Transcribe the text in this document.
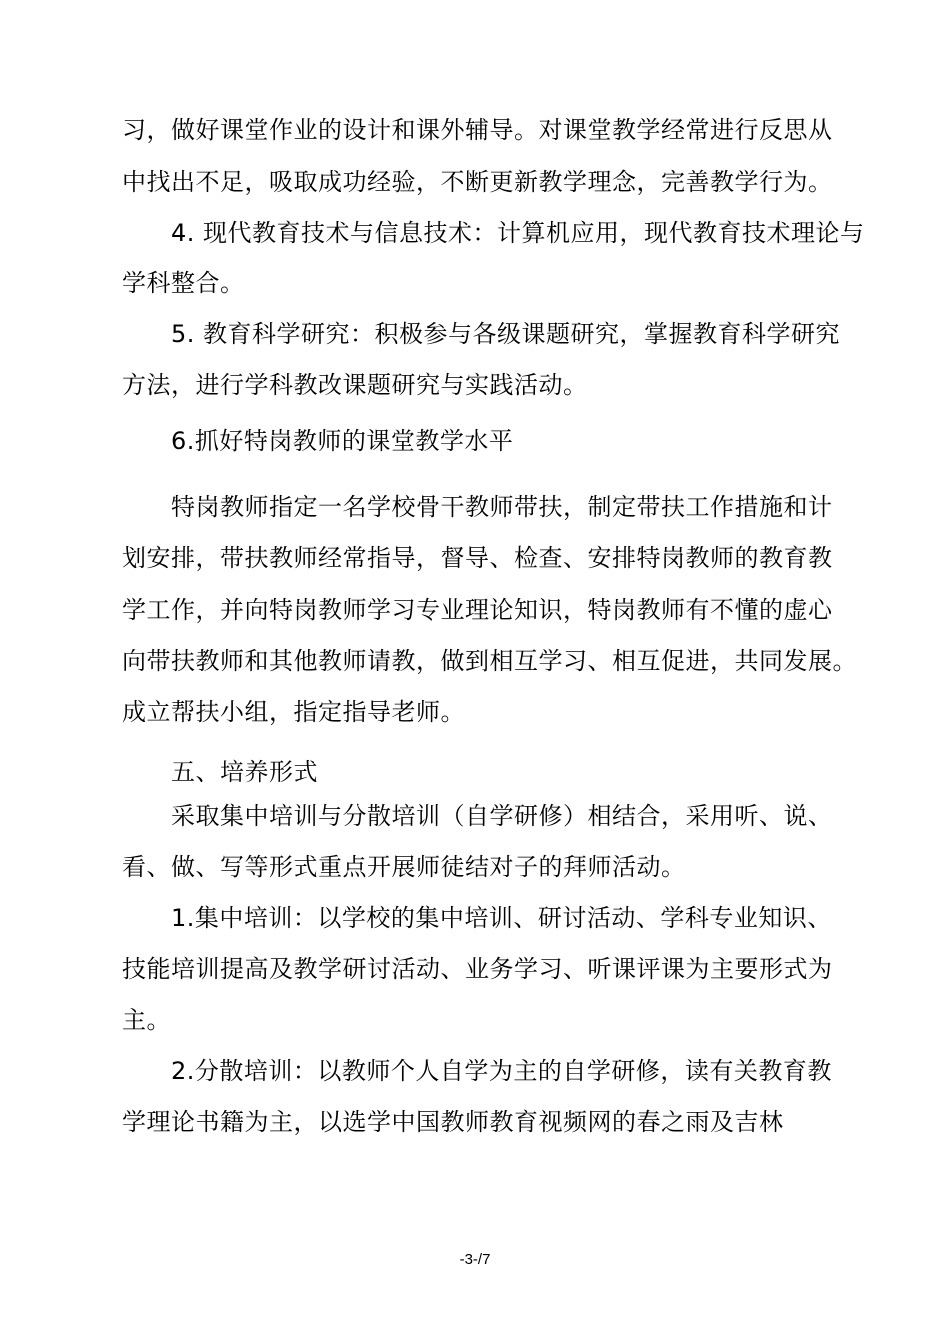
习，做好课堂作业的设计和课外辅导。对课堂教学经常进行反思从
中找出不足，吸取成功经验，不断更新教学理念，完善教学行为。
4. 现代教育技术与信息技术：计算机应用，现代教育技术理论与
学科整合。
5. 教育科学研究：积极参与各级课题研究，掌握教育科学研究
方法，进行学科教改课题研究与实践活动。
6.抓好特岗教师的课堂教学水平
特岗教师指定一名学校骨干教师带扶，制定带扶工作措施和计
划安排，带扶教师经常指导，督导、检查、安排特岗教师的教育教
学工作，并向特岗教师学习专业理论知识，特岗教师有不懂的虚心
向带扶教师和其他教师请教，做到相互学习、相互促进，共同发展。
成立帮扶小组，指定指导老师。
五、培养形式
采取集中培训与分散培训（自学研修）相结合，采用听、说、
看、做、写等形式重点开展师徒结对子的拜师活动。
1.集中培训：以学校的集中培训、研讨活动、学科专业知识、
技能培训提高及教学研讨活动、业务学习、听课评课为主要形式为
主。
2.分散培训：以教师个人自学为主的自学研修，读有关教育教
学理论书籍为主，以选学中国教师教育视频网的春之雨及吉林
-3-/7
